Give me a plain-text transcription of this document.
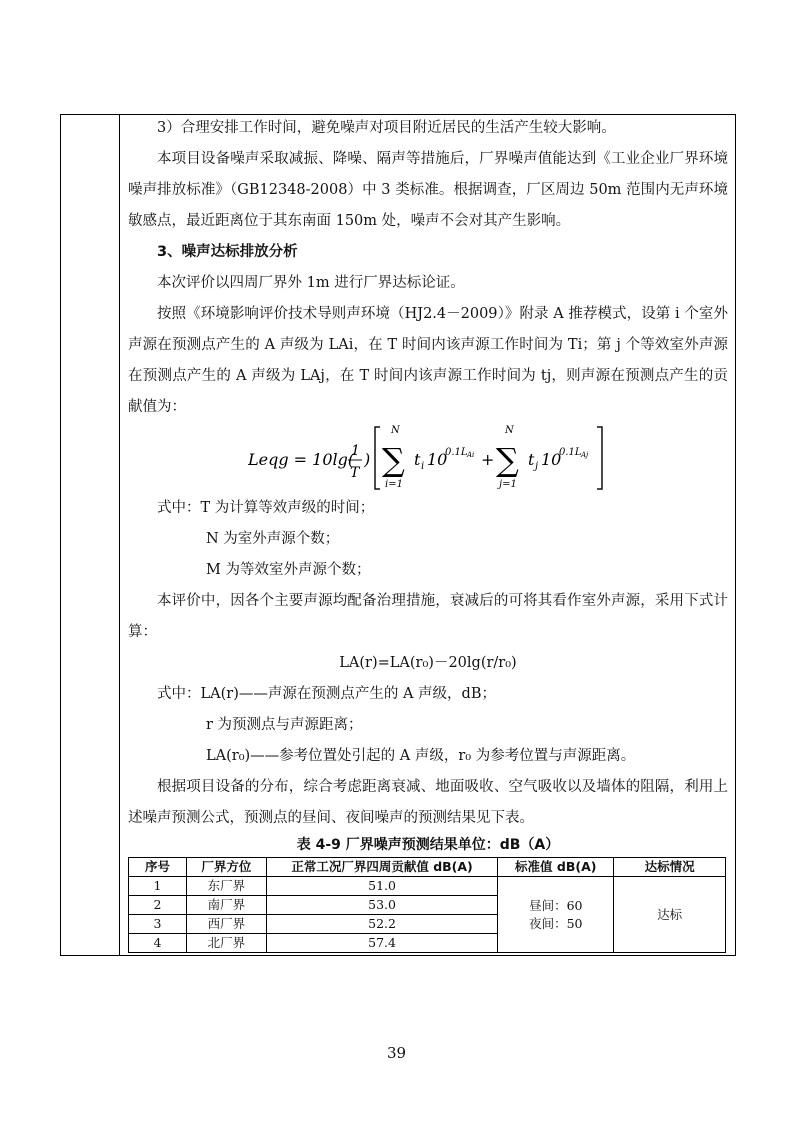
3）合理安排工作时间，避免噪声对项目附近居民的生活产生较大影响。

本项目设备噪声采取减振、降噪、隔声等措施后，厂界噪声值能达到《工业企业厂界环境噪声排放标准》（GB12348-2008）中 3 类标准。根据调查，厂区周边 50m 范围内无声环境敏感点，最近距离位于其东南面 150m 处，噪声不会对其产生影响。

3、噪声达标排放分析

本次评价以四周厂界外 1m 进行厂界达标论证。

按照《环境影响评价技术导则声环境（HJ2.4－2009）》附录 A 推荐模式，设第 i 个室外声源在预测点产生的 A 声级为 LAi，在 T 时间内该声源工作时间为 Ti；第 j 个等效室外声源在预测点产生的 A 声级为 LAj，在 T 时间内该声源工作时间为 tj，则声源在预测点产生的贡献值为：

Leqg = 10lg(
1
T
)
N
∑
i=1
t i 10
0.1L Ai +
N
∑
j=1
t j 10
0.1L Aj

式中：T 为计算等效声级的时间；

N 为室外声源个数；

M 为等效室外声源个数；

本评价中，因各个主要声源均配备治理措施，衰减后的可将其看作室外声源，采用下式计算：

LA(r)=LA(r₀)－20lg(r/r₀)

式中：LA(r)——声源在预测点产生的 A 声级，dB；

r 为预测点与声源距离；

LA(r₀)——参考位置处引起的 A 声级，r₀ 为参考位置与声源距离。

根据项目设备的分布，综合考虑距离衰减、地面吸收、空气吸收以及墙体的阻隔，利用上述噪声预测公式，预测点的昼间、夜间噪声的预测结果见下表。

表 4-9 厂界噪声预测结果单位：dB（A）
序号	厂界方位	正常工况厂界四周贡献值 dB(A)	标准值 dB(A)	达标情况
1	东厂界	51.0	昼间：60
夜间：50	达标
2	南厂界	53.0		
3	西厂界	52.2		
4	北厂界	57.4		
39
